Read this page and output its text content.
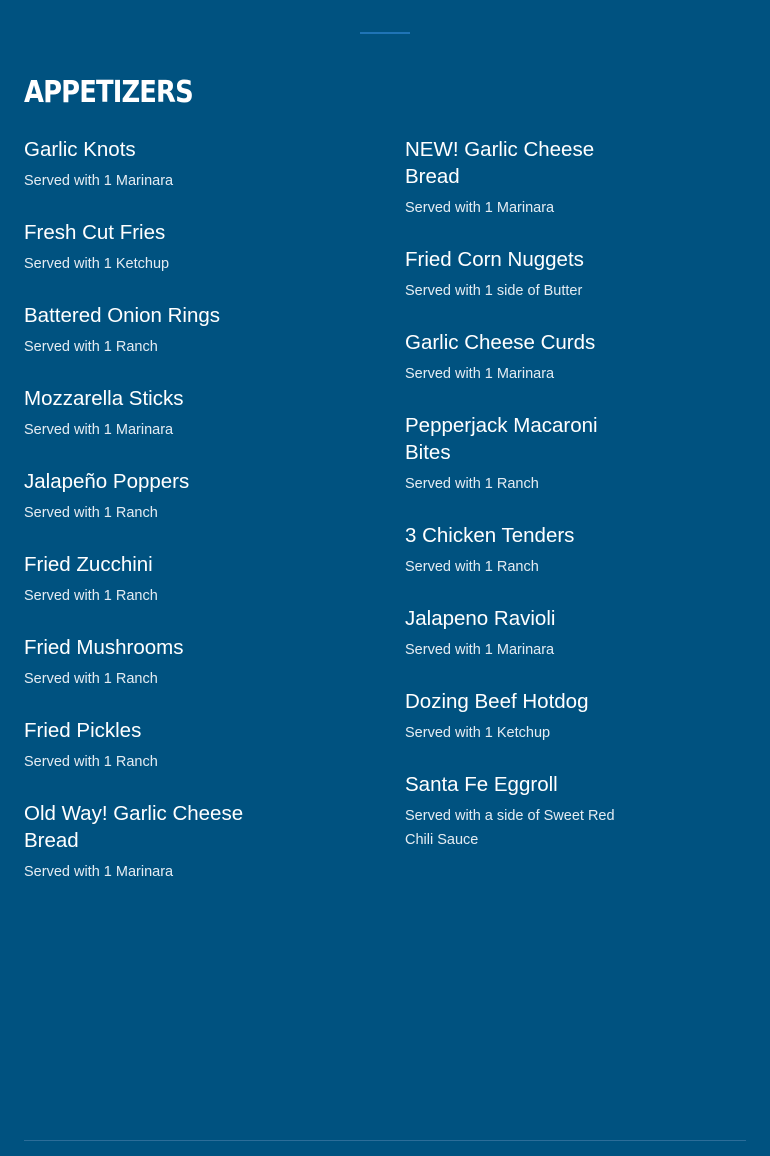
APPETIZERS
Garlic Knots
Served with 1 Marinara
Fresh Cut Fries
Served with 1 Ketchup
Battered Onion Rings
Served with 1 Ranch
Mozzarella Sticks
Served with 1 Marinara
Jalapeño Poppers
Served with 1 Ranch
Fried Zucchini
Served with 1 Ranch
Fried Mushrooms
Served with 1 Ranch
Fried Pickles
Served with 1 Ranch
Old Way! Garlic Cheese Bread
Served with 1 Marinara
NEW! Garlic Cheese Bread
Served with 1 Marinara
Fried Corn Nuggets
Served with 1 side of Butter
Garlic Cheese Curds
Served with 1 Marinara
Pepperjack Macaroni Bites
Served with 1 Ranch
3 Chicken Tenders
Served with 1 Ranch
Jalapeno Ravioli
Served with 1 Marinara
Dozing Beef Hotdog
Served with 1 Ketchup
Santa Fe Eggroll
Served with a side of Sweet Red Chili Sauce
